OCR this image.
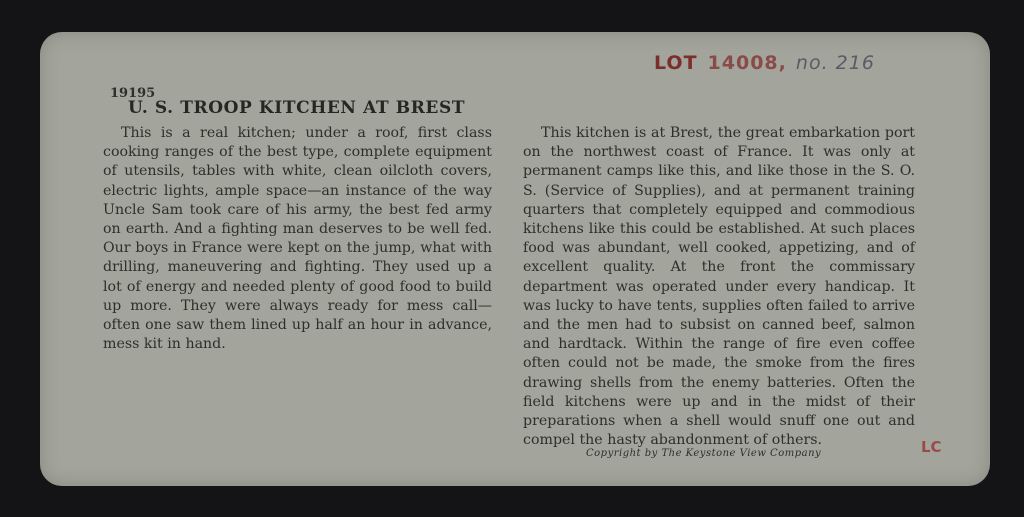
LOT 14008, no. 216
19195
U. S. TROOP KITCHEN AT BREST

This is a real kitchen; under a roof, first class cooking ranges of the best type, complete equipment of utensils, tables with white, clean oilcloth covers, electric lights, ample space—an instance of the way Uncle Sam took care of his army, the best fed army on earth. And a fighting man deserves to be well fed. Our boys in France were kept on the jump, what with drilling, maneuvering and fighting. They used up a lot of energy and needed plenty of good food to build up more. They were always ready for mess call—often one saw them lined up half an hour in advance, mess kit in hand.

This kitchen is at Brest, the great embarkation port on the northwest coast of France. It was only at permanent camps like this, and like those in the S. O. S. (Service of Supplies), and at permanent training quarters that completely equipped and commodious kitchens like this could be established. At such places food was abundant, well cooked, appetizing, and of excellent quality. At the front the commissary department was operated under every handicap. It was lucky to have tents, supplies often failed to arrive and the men had to subsist on canned beef, salmon and hardtack. Within the range of fire even coffee often could not be made, the smoke from the fires drawing shells from the enemy batteries. Often the field kitchens were up and in the midst of their preparations when a shell would snuff one out and compel the hasty abandonment of others.

Copyright by The Keystone View Company	LC
